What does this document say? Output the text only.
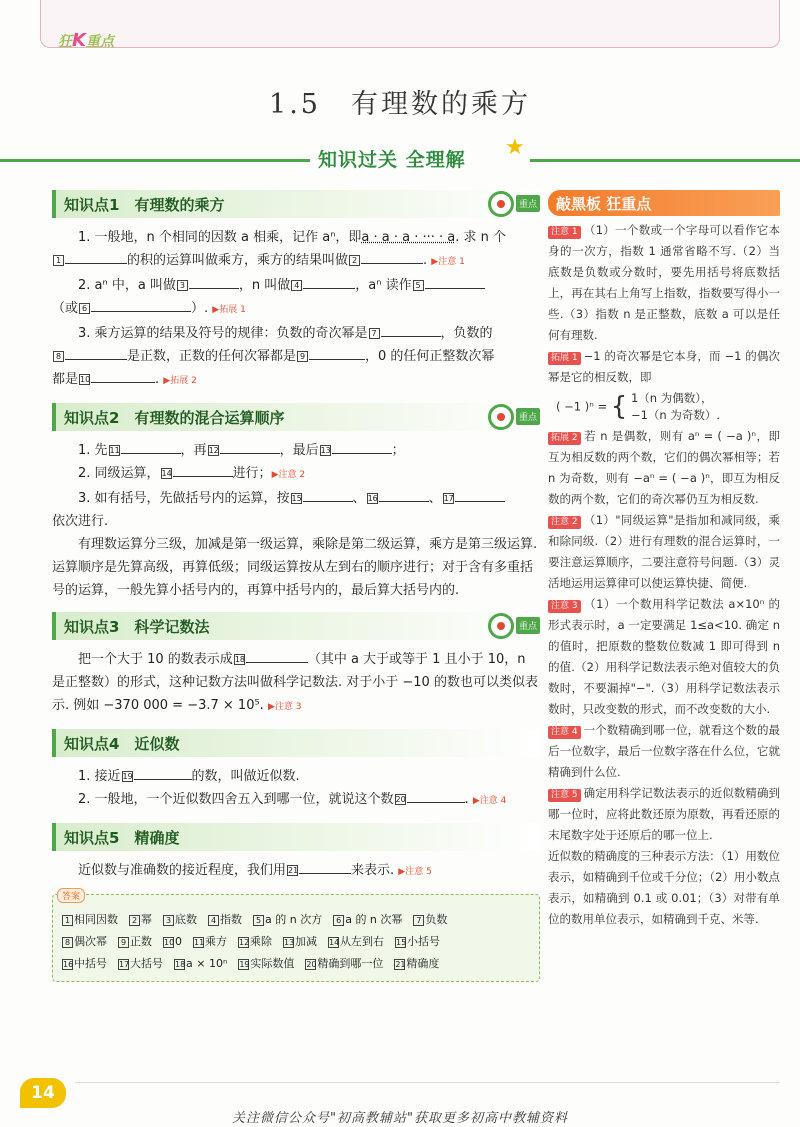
狂K重点
1.5　有理数的乘方
知识过关 全理解 ★
知识点1　有理数的乘方	重点

1. 一般地，n 个相同的因数 a 相乘，记作 aⁿ，即a · a · a · ··· · a. 求 n 个

1	的积的运算叫做乘方，乘方的结果叫做 2	. ▶注意 1

2. aⁿ 中，a 叫做 3	，n 叫做 4	，aⁿ 读作 5

（或 6	）. ▶拓展 1

3. 乘方运算的结果及符号的规律：负数的奇次幂是 7	，负数的

8	是正数，正数的任何次幂都是 9	，0 的任何正整数次幂

都是 10	. ▶拓展 2

知识点2　有理数的混合运算顺序	重点

1. 先 11	，再 12	，最后 13	；

2. 同级运算， 14	进行；▶注意 2

3. 如有括号，先做括号内的运算，按 15	、 16	、 17

依次进行.

有理数运算分三级，加减是第一级运算，乘除是第二级运算，乘方是第三级运算. 运算顺序是先算高级，再算低级；同级运算按从左到右的顺序进行；对于含有多重括号的运算，一般先算小括号内的，再算中括号内的，最后算大括号内的.

知识点3　科学记数法	重点

把一个大于 10 的数表示成 18	（其中 a 大于或等于 1 且小于 10，n 是正整数）的形式，这种记数方法叫做科学记数法. 对于小于 −10 的数也可以类似表示. 例如 −370 000 = −3.7 × 10⁵. ▶注意 3

知识点4　近似数

1. 接近 19	的数，叫做近似数.

2. 一般地，一个近似数四舍五入到哪一位，就说这个数 20	. ▶注意 4

知识点5　精确度

近似数与准确数的接近程度，我们用 21	来表示. ▶注意 5

答案
1 相同因数 2 幂 3 底数 4 指数 5 a 的 n 次方 6 a 的 n 次幂 7 负数
8 偶次幂 9 正数 100 11乘方 12乘除 13加减 14从左到右 15小括号
16中括号 17大括号 18a × 10ⁿ 19实际数值 20精确到哪一位 21精确度
敲黑板 狂重点

注意 1 （1）一个数或一个字母可以看作它本身的一次方，指数 1 通常省略不写.（2）当底数是负数或分数时，要先用括号将底数括上，再在其右上角写上指数，指数要写得小一些.（3）指数 n 是正整数，底数 a 可以是任何有理数.

拓展 1 −1 的奇次幂是它本身，而 −1 的偶次幂是它的相反数，即

( −1 )ⁿ = { 1（n 为偶数），
−1（n 为奇数）.

拓展 2 若 n 是偶数，则有 aⁿ = ( −a )ⁿ，即互为相反数的两个数，它们的偶次幂相等；若 n 为奇数，则有 −aⁿ = ( −a )ⁿ，即互为相反数的两个数，它们的奇次幂仍互为相反数.

注意 2 （1）"同级运算"是指加和减同级，乘和除同级.（2）进行有理数的混合运算时，一要注意运算顺序，二要注意符号问题.（3）灵活地运用运算律可以使运算快捷、简便.

注意 3 （1）一个数用科学记数法 a×10ⁿ 的形式表示时，a 一定要满足 1≤a<10. 确定 n 的值时，把原数的整数位数减 1 即可得到 n 的值.（2）用科学记数法表示绝对值较大的负数时，不要漏掉"−".（3）用科学记数法表示数时，只改变数的形式，而不改变数的大小.

注意 4 一个数精确到哪一位，就看这个数的最后一位数字，最后一位数字落在什么位，它就精确到什么位.

注意 5 确定用科学记数法表示的近似数精确到哪一位时，应将此数还原为原数，再看还原的末尾数字处于还原后的哪一位上.

近似数的精确度的三种表示方法：（1）用数位表示，如精确到千位或千分位；（2）用小数点表示，如精确到 0.1 或 0.01；（3）对带有单位的数用单位表示，如精确到千克、米等.

14
关注微信公众号"初高教辅站"获取更多初高中教辅资料
